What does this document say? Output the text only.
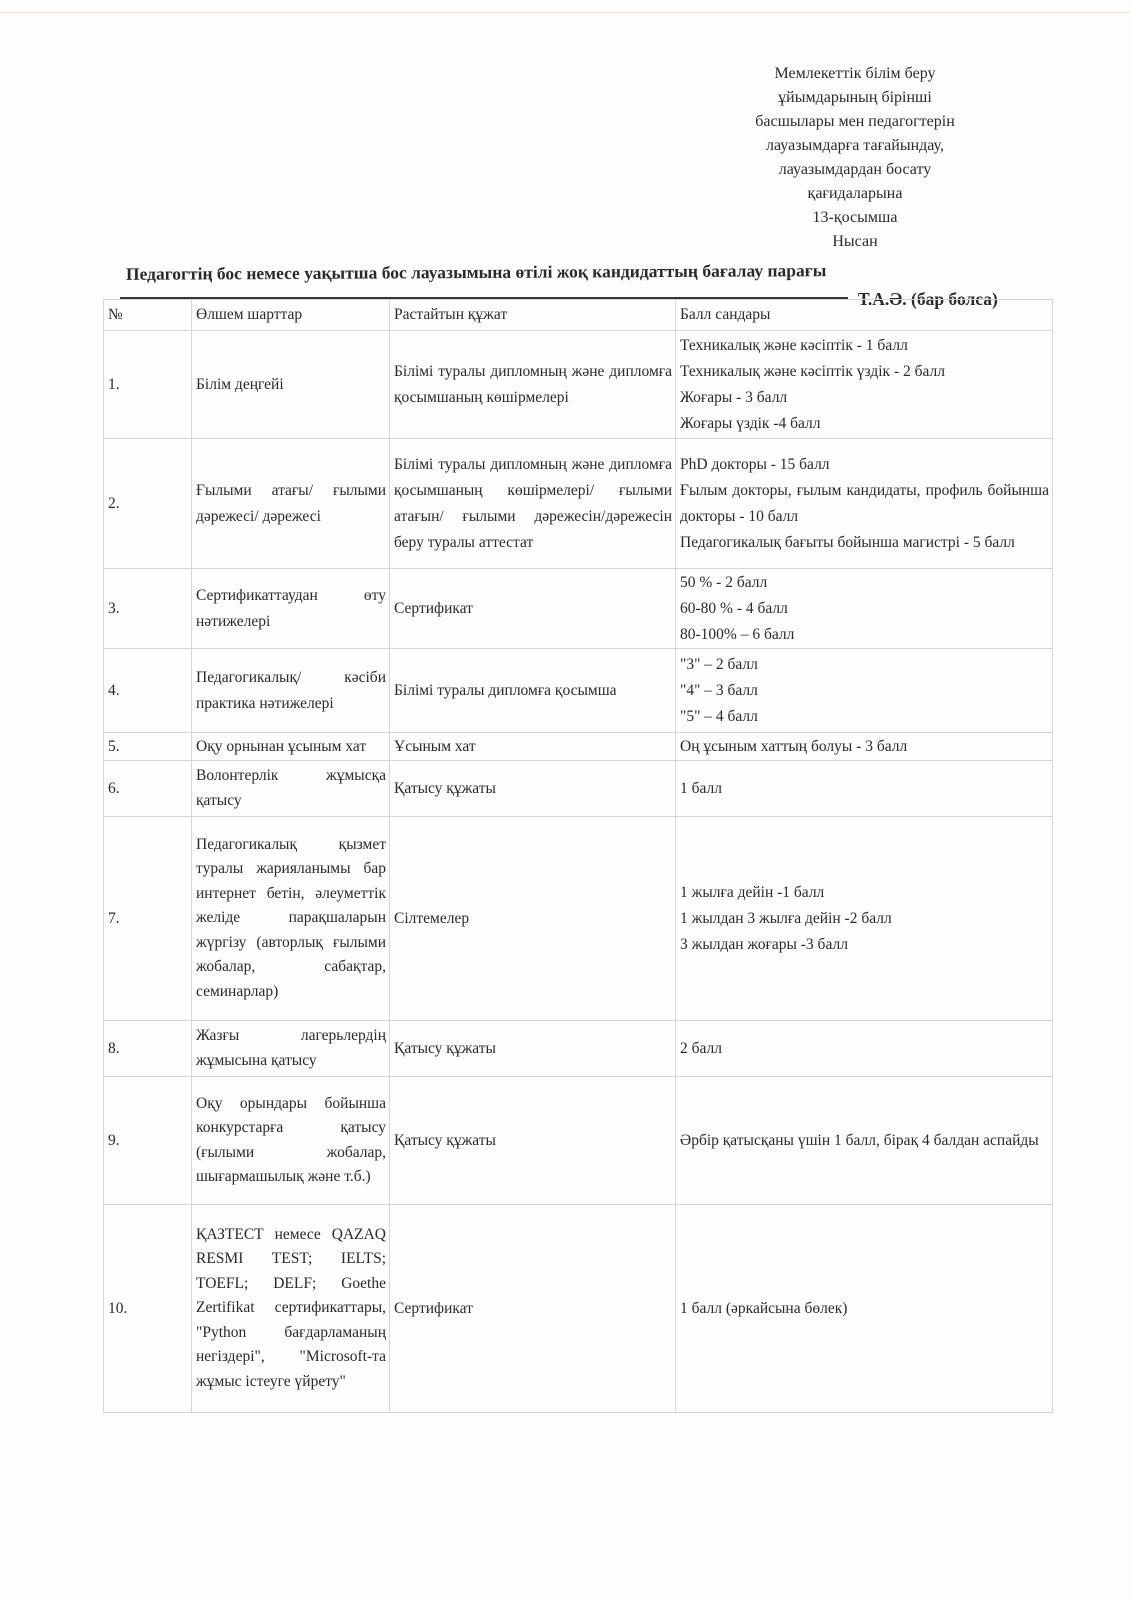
Мемлекеттік білім беру
ұйымдарының бірінші
басшылары мен педагогтерін
лауазымдарға тағайындау,
лауазымдардан босату
қағидаларына
13-қосымша
Нысан
Педагогтің бос немесе уақытша бос лауазымына өтілі жоқ кандидаттың бағалау парағы
Т.А.Ә. (бар болса)
№	Өлшем шарттар	Растайтын құжат	Балл сандары
1.	Білім деңгейі	Білімі туралы дипломның және дипломға қосымшаның көшірмелері	Техникалық және кәсіптік - 1 балл
Техникалық және кәсіптік үздік - 2 балл
Жоғары - 3 балл
Жоғары үздік -4 балл

2.	Ғылыми атағы/ ғылыми дәрежесі/ дәрежесі	Білімі туралы дипломның және дипломға қосымшаның көшірмелері/ ғылыми атағын/ ғылыми дәрежесін/дәрежесін беру туралы аттестат	PhD докторы - 15 балл
Ғылым докторы, ғылым кандидаты, профиль бойынша докторы - 10 балл
Педагогикалық бағыты бойынша магистрі - 5 балл

3.	Сертификаттаудан өту нәтижелері	Сертификат	50 % - 2 балл
60-80 % - 4 балл
80-100% – 6 балл

4.	Педагогикалық/ кәсіби практика нәтижелері	Білімі туралы дипломға қосымша	"3" – 2 балл
"4" – 3 балл
"5" – 4 балл

5.	Оқу орнынан ұсыным хат	Ұсыным хат	Оң ұсыным хаттың болуы - 3 балл

6.	Волонтерлік жұмысқа қатысу	Қатысу құжаты	1 балл

7.	Педагогикалық қызмет туралы жарияланымы бар интернет бетін, әлеуметтік желіде парақшаларын жүргізу (авторлық ғылыми жобалар, сабақтар, семинарлар)	Сілтемелер	1 жылға дейін -1 балл
1 жылдан 3 жылға дейін -2 балл
3 жылдан жоғары -3 балл

8.	Жазғы лагерьлердің жұмысына қатысу	Қатысу құжаты	2 балл

9.	Оқу орындары бойынша конкурстарға қатысу (ғылыми жобалар, шығармашылық және т.б.)	Қатысу құжаты	Әрбір қатысқаны үшін 1 балл, бірақ 4 балдан аспайды

10.	ҚАЗТЕСТ немесе QAZAQ RESMI TEST; IELTS; TOEFL; DELF; Goethe Zertifikat сертификаттары, "Python бағдарламаның негіздері", "Microsoft-та жұмыс істеуге үйрету"	Сертификат	1 балл (әркайсына бөлек)
